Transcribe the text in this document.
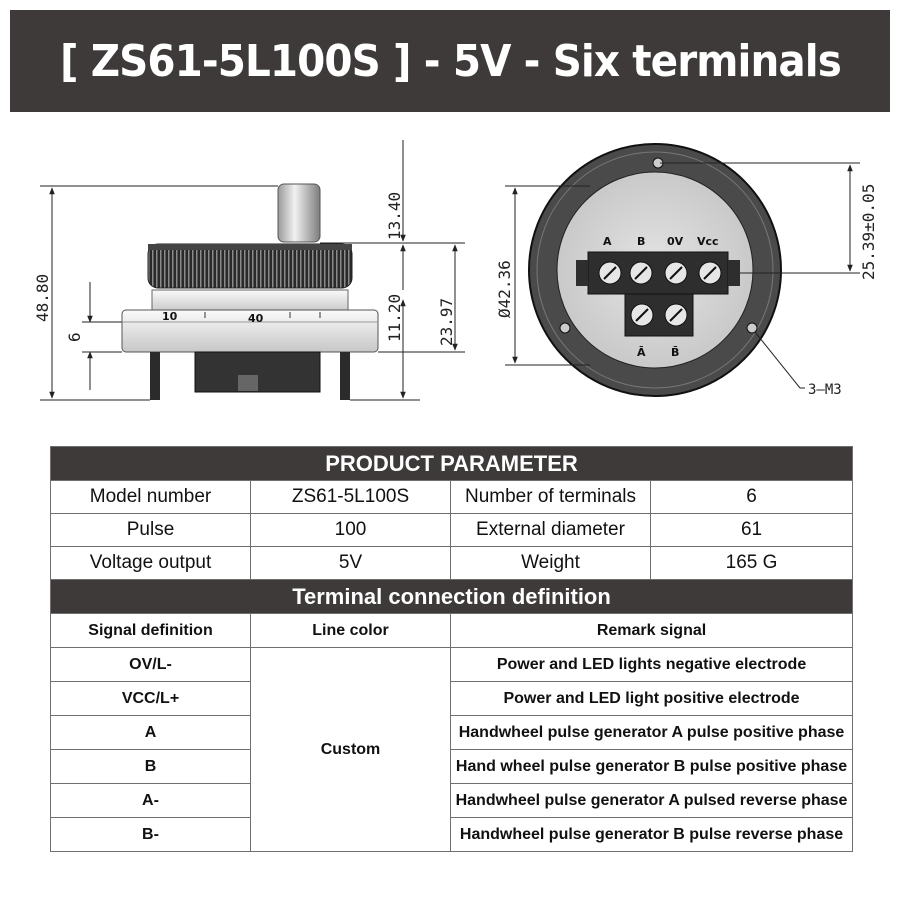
[ ZS61-5L100S ] - 5V - Six terminals
10	40
48.80
6
13.40
11.20 23.97
A B 0V Vcc
Ā B̄
Ø42.36
25.39±0.05
3–M3
PRODUCT PARAMETER			
Model number	ZS61-5L100S	Number of terminals	6
Pulse	100	External diameter	61
Voltage output	5V	Weight	165 G
Terminal connection definition			
Signal definition	Line color	Remark signal	
OV/L-	Custom	Power and LED lights negative electrode	
VCC/L+		Power and LED light positive electrode	
A		Handwheel pulse generator A pulse positive phase	
B		Hand wheel pulse generator B pulse positive phase	
A-		Handwheel pulse generator A pulsed reverse phase	
B-		Handwheel pulse generator B pulse reverse phase	
